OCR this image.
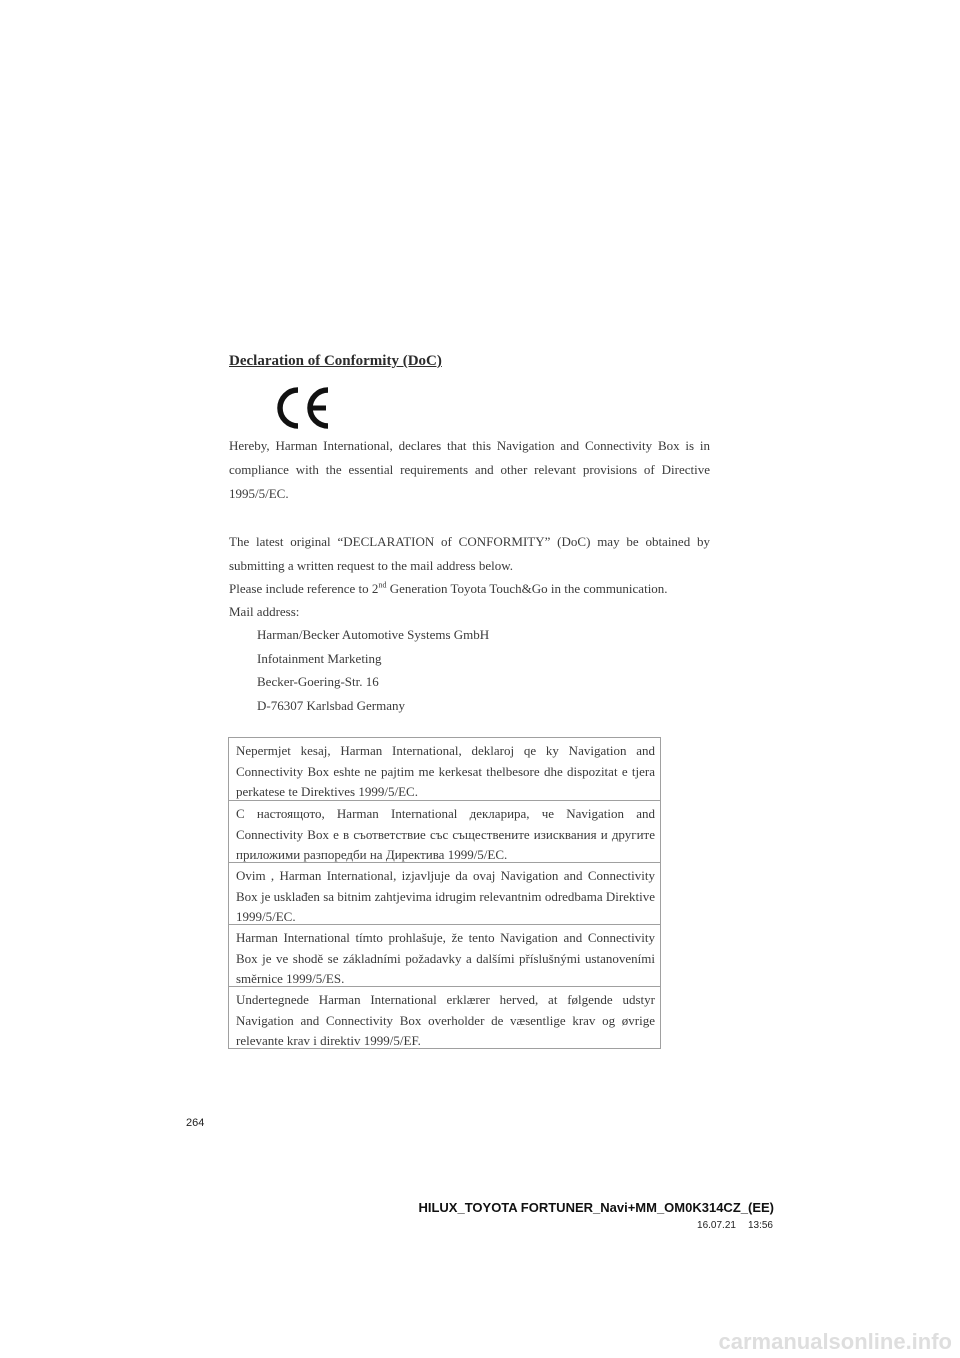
Declaration of Conformity (DoC)

Hereby, Harman International, declares that this Navigation and Connectivity Box is in compliance with the essential requirements and other relevant provisions of Directive 1995/5/EC.

The latest original “DECLARATION of CONFORMITY” (DoC) may be obtained by submitting a written request to the mail address below.

Please include reference to 2nd Generation Toyota Touch&Go in the communication.

Mail address:

Harman/Becker Automotive Systems GmbH
Infotainment Marketing
Becker-Goering-Str. 16
D-76307 Karlsbad Germany
Nepermjet kesaj, Harman International, deklaroj qe ky Navigation and Connectivity Box eshte ne pajtim me kerkesat thelbesore dhe dispozitat e tjera perkatese te Direktives 1999/5/EC.
С настоящото, Harman International декларира, че Navigation and Connectivity Box е в съответствие със съществените изисквания и другите приложими разпоредби на Директива 1999/5/ЕС.
Ovim , Harman International, izjavljuje da ovaj Navigation and Connectivity Box je usklađen sa bitnim zahtjevima idrugim relevantnim odredbama Direktive 1999/5/EC.
Harman International tímto prohlašuje, že tento Navigation and Connectivity Box je ve shodě se základními požadavky a dalšími příslušnými ustanoveními směrnice 1999/5/ES.
Undertegnede Harman International erklærer herved, at følgende udstyr Navigation and Connectivity Box overholder de væsentlige krav og øvrige relevante krav i direktiv 1999/5/EF.
264
HILUX_TOYOTA FORTUNER_Navi+MM_OM0K314CZ_(EE)
16.07.21 13:56
carmanualsonline.info
